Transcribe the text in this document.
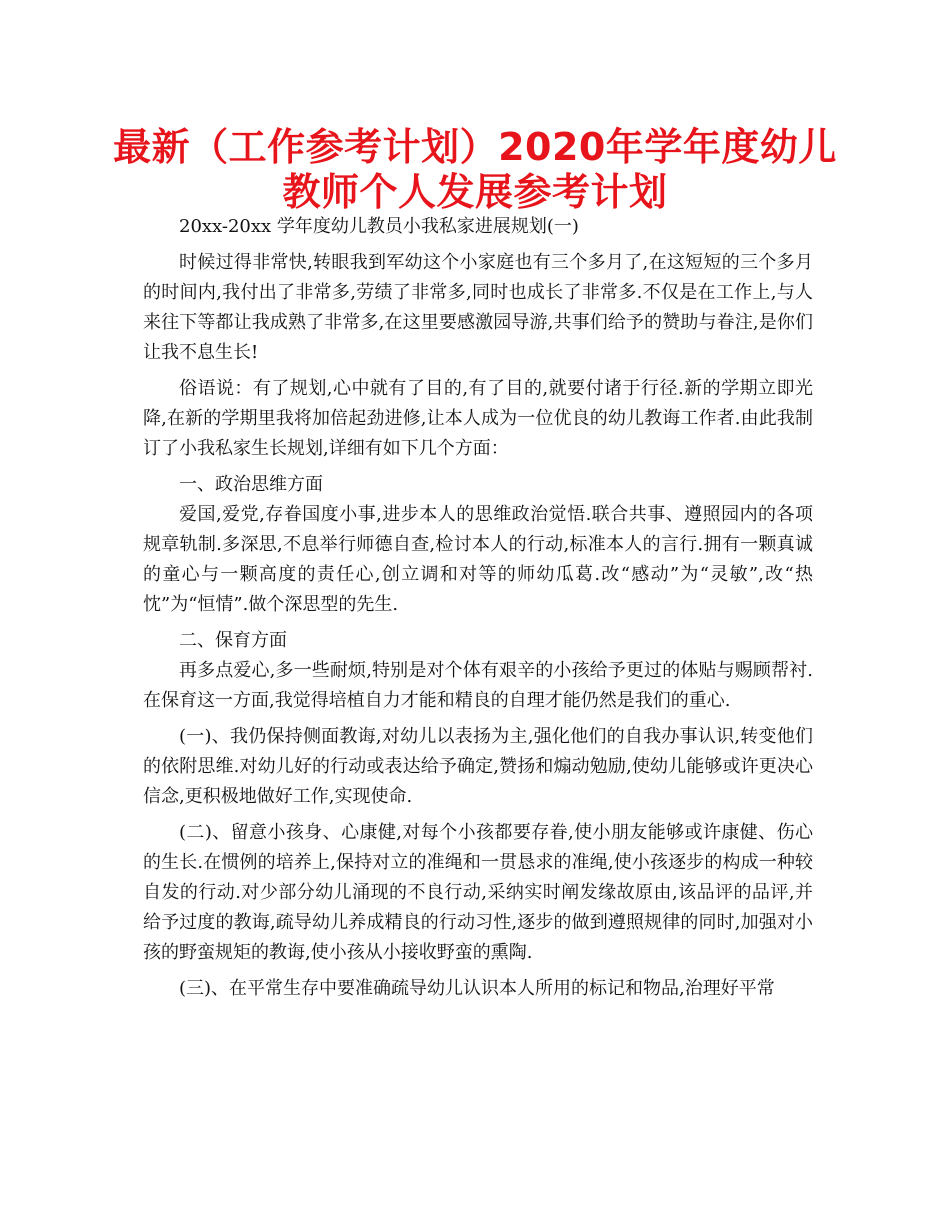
最新（工作参考计划）2020年学年度幼儿
教师个人发展参考计划

20xx-20xx 学年度幼儿教员小我私家进展规划(一)

时候过得非常快,转眼我到军幼这个小家庭也有三个多月了,在这短短的三个多月的时间内,我付出了非常多,劳绩了非常多,同时也成长了非常多.不仅是在工作上,与人来往下等都让我成熟了非常多,在这里要感激园导游,共事们给予的赞助与眷注,是你们让我不息生长!

俗语说：有了规划,心中就有了目的,有了目的,就要付诸于行径.新的学期立即光降,在新的学期里我将加倍起劲进修,让本人成为一位优良的幼儿教诲工作者.由此我制订了小我私家生长规划,详细有如下几个方面：

一、政治思维方面

爱国,爱党,存眷国度小事,进步本人的思维政治觉悟.联合共事、遵照园内的各项规章轨制.多深思,不息举行师德自查,检讨本人的行动,标准本人的言行.拥有一颗真诚的童心与一颗高度的责任心,创立调和对等的师幼瓜葛.改“感动”为“灵敏”,改“热忱”为“恒情”.做个深思型的先生.

二、保育方面

再多点爱心,多一些耐烦,特别是对个体有艰辛的小孩给予更过的体贴与赐顾帮衬.在保育这一方面,我觉得培植自力才能和精良的自理才能仍然是我们的重心.

(一)、我仍保持侧面教诲,对幼儿以表扬为主,强化他们的自我办事认识,转变他们的依附思维.对幼儿好的行动或表达给予确定,赞扬和煽动勉励,使幼儿能够或许更决心信念,更积极地做好工作,实现使命.

(二)、留意小孩身、心康健,对每个小孩都要存眷,使小朋友能够或许康健、伤心的生长.在惯例的培养上,保持对立的准绳和一贯恳求的准绳,使小孩逐步的构成一种较自发的行动.对少部分幼儿涌现的不良行动,采纳实时阐发缘故原由,该品评的品评,并给予过度的教诲,疏导幼儿养成精良的行动习性,逐步的做到遵照规律的同时,加强对小孩的野蛮规矩的教诲,使小孩从小接收野蛮的熏陶.

(三)、在平常生存中要准确疏导幼儿认识本人所用的标记和物品,治理好平常
